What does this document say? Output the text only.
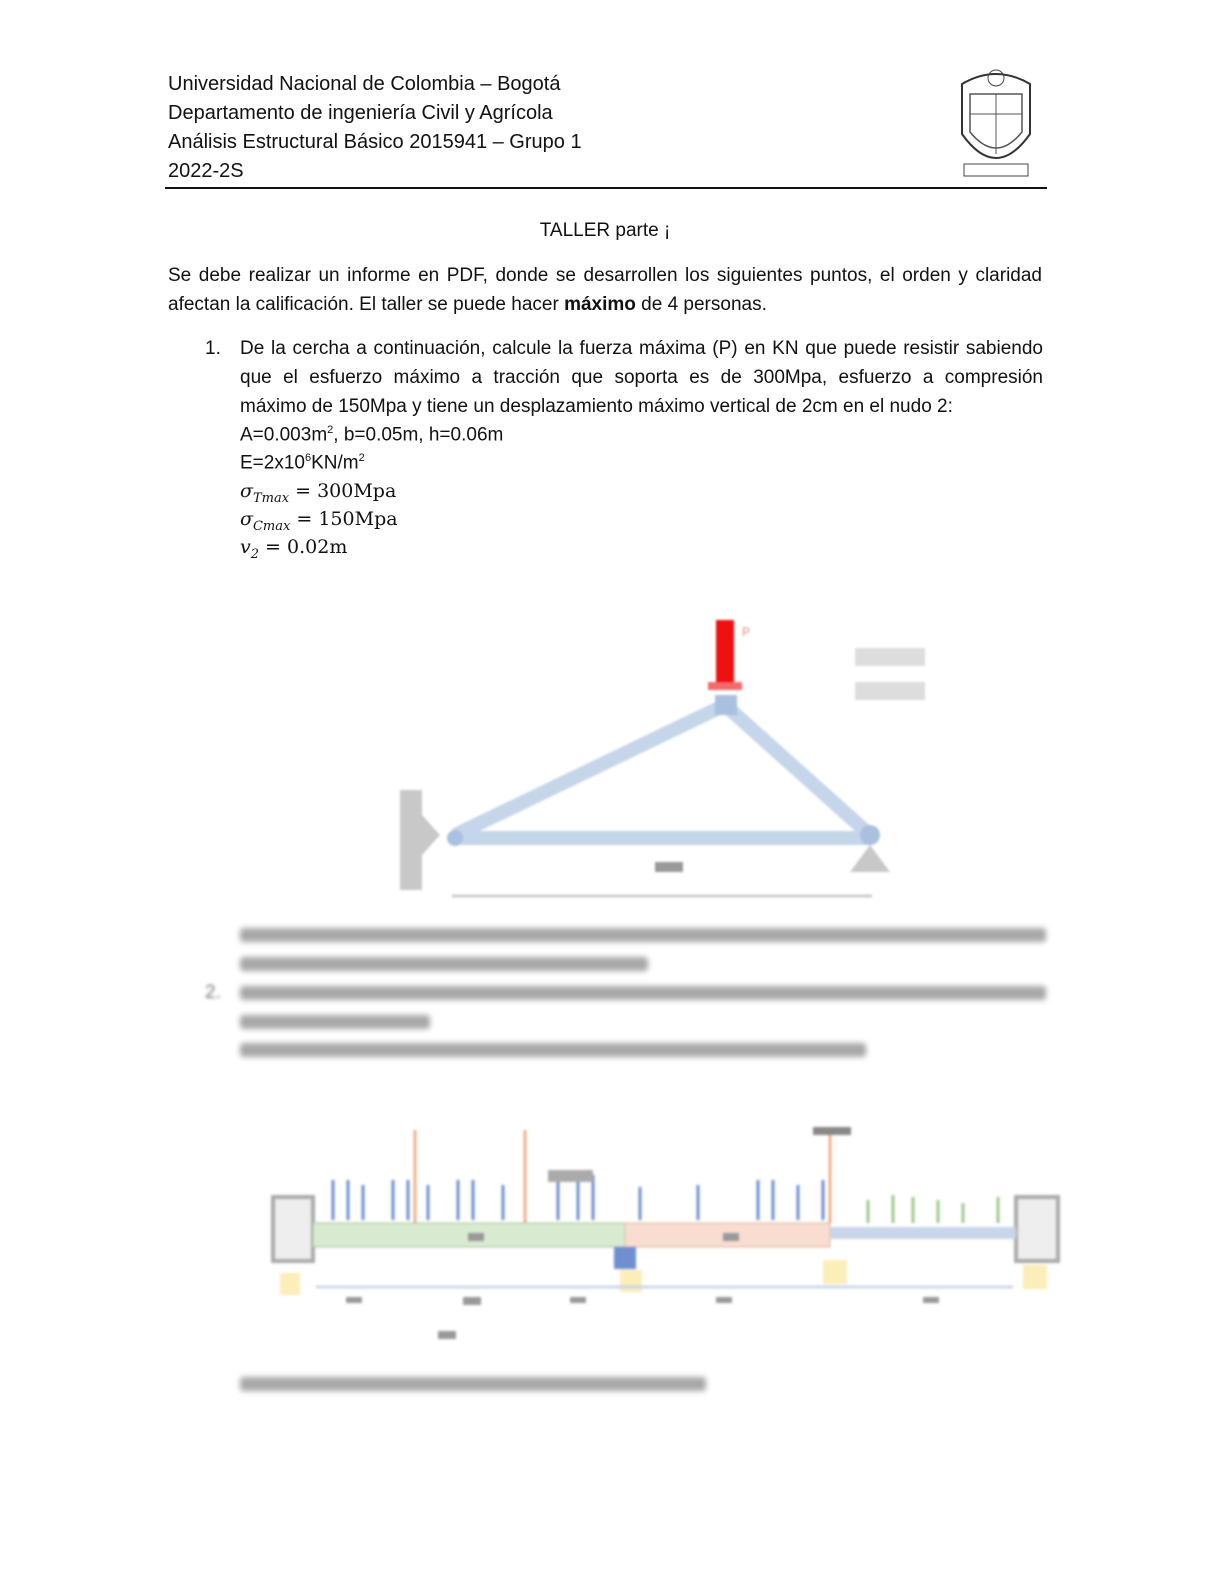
Universidad Nacional de Colombia – Bogotá
Departamento de ingeniería Civil y Agrícola
Análisis Estructural Básico 2015941 – Grupo 1
2022-2S
TALLER parte ¡
Se debe realizar un informe en PDF, donde se desarrollen los siguientes puntos, el orden y claridad
afectan la calificación. El taller se puede hacer máximo de 4 personas.
1. De la cercha a continuación, calcule la fuerza máxima (P) en KN que puede resistir sabiendo
que el esfuerzo máximo a tracción que soporta es de 300Mpa, esfuerzo a compresión
máximo de 150Mpa y tiene un desplazamiento máximo vertical de 2cm en el nudo 2:
$A=0.003m^2$, b=0.05m, h=0.06m
$E=2x10^6KN/m^2$
$\sigma_{Tmax} = 300Mpa$
$\sigma_{Cmax} = 150Mpa$
$v_2 = 0.02m$
P
2.
